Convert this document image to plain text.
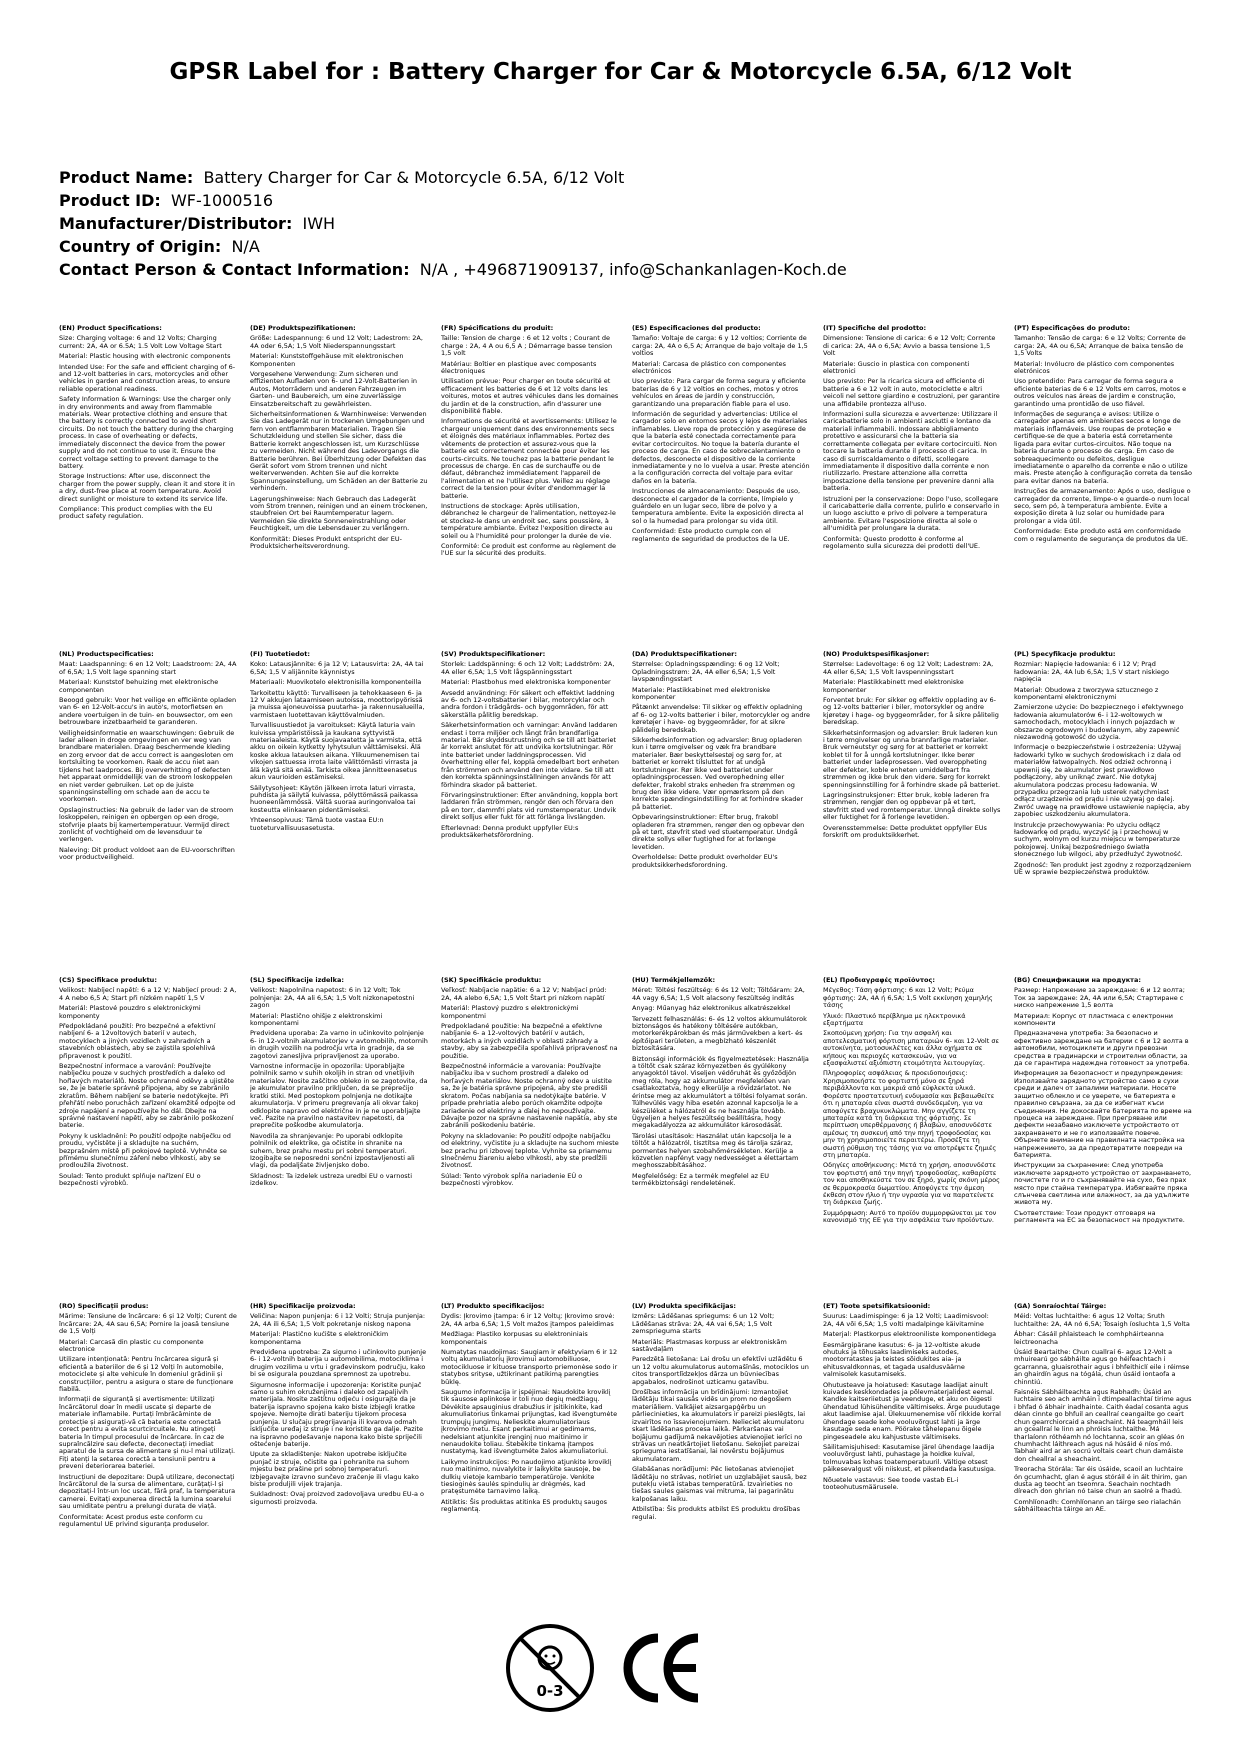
GPSR Label for : Battery Charger for Car & Motorcycle 6.5A, 6/12 Volt
Product Name: Battery Charger for Car & Motorcycle 6.5A, 6/12 Volt
Product ID: WF-1000516
Manufacturer/Distributor: IWH
Country of Origin: N/A
Contact Person & Contact Information: N/A , +496871909137, info@Schankanlagen-Koch.de

(EN) Product Specifications:

Size: Charging voltage: 6 and 12 Volts; Charging current: 2A, 4A or 6.5A; 1.5 Volt Low Voltage Start

Material: Plastic housing with electronic components

Intended Use: For the safe and efficient charging of 6- and 12-volt batteries in cars, motorcycles and other vehicles in garden and construction areas, to ensure reliable operational readiness.

Safety Information & Warnings: Use the charger only in dry environments and away from flammable materials. Wear protective clothing and ensure that the battery is correctly connected to avoid short circuits. Do not touch the battery during the charging process. In case of overheating or defects, immediately disconnect the device from the power supply and do not continue to use it. Ensure the correct voltage setting to prevent damage to the battery.

Storage Instructions: After use, disconnect the charger from the power supply, clean it and store it in a dry, dust-free place at room temperature. Avoid direct sunlight or moisture to extend its service life.

Compliance: This product complies with the EU product safety regulation.

(DE) Produktspezifikationen:

Größe: Ladespannung: 6 und 12 Volt; Ladestrom: 2A, 4A oder 6,5A; 1,5 Volt Niederspannungsstart

Material: Kunststoffgehäuse mit elektronischen Komponenten

Vorgesehene Verwendung: Zum sicheren und effizienten Aufladen von 6- und 12-Volt-Batterien in Autos, Motorrädern und anderen Fahrzeugen im Garten- und Baubereich, um eine zuverlässige Einsatzbereitschaft zu gewährleisten.

Sicherheitsinformationen & Warnhinweise: Verwenden Sie das Ladegerät nur in trockenen Umgebungen und fern von entflammbaren Materialien. Tragen Sie Schutzkleidung und stellen Sie sicher, dass die Batterie korrekt angeschlossen ist, um Kurzschlüsse zu vermeiden. Nicht während des Ladevorgangs die Batterie berühren. Bei Überhitzung oder Defekten das Gerät sofort vom Strom trennen und nicht weiterverwenden. Achten Sie auf die korrekte Spannungseinstellung, um Schäden an der Batterie zu verhindern.

Lagerungshinweise: Nach Gebrauch das Ladegerät vom Strom trennen, reinigen und an einem trockenen, staubfreien Ort bei Raumtemperatur lagern. Vermeiden Sie direkte Sonneneinstrahlung oder Feuchtigkeit, um die Lebensdauer zu verlängern.

Konformität: Dieses Produkt entspricht der EU-Produktsicherheitsverordnung.

(FR) Spécifications du produit:

Taille: Tension de charge : 6 et 12 volts ; Courant de charge : 2A, 4 A ou 6,5 A ; Démarrage basse tension 1,5 volt

Matériau: Boîtier en plastique avec composants électroniques

Utilisation prévue: Pour charger en toute sécurité et efficacement les batteries de 6 et 12 volts dans les voitures, motos et autres véhicules dans les domaines du jardin et de la construction, afin d'assurer une disponibilité fiable.

Informations de sécurité et avertissements: Utilisez le chargeur uniquement dans des environnements secs et éloignés des matériaux inflammables. Portez des vêtements de protection et assurez-vous que la batterie est correctement connectée pour éviter les courts-circuits. Ne touchez pas la batterie pendant le processus de charge. En cas de surchauffe ou de défaut, débranchez immédiatement l'appareil de l'alimentation et ne l'utilisez plus. Veillez au réglage correct de la tension pour éviter d'endommager la batterie.

Instructions de stockage: Après utilisation, débranchez le chargeur de l'alimentation, nettoyez-le et stockez-le dans un endroit sec, sans poussière, à température ambiante. Évitez l'exposition directe au soleil ou à l'humidité pour prolonger la durée de vie.

Conformité: Ce produit est conforme au règlement de l'UE sur la sécurité des produits.

(ES) Especificaciones del producto:

Tamaño: Voltaje de carga: 6 y 12 voltios; Corriente de carga: 2A, 4A o 6,5 A; Arranque de bajo voltaje de 1,5 voltios

Material: Carcasa de plástico con componentes electrónicos

Uso previsto: Para cargar de forma segura y eficiente baterías de 6 y 12 voltios en coches, motos y otros vehículos en áreas de jardín y construcción, garantizando una preparación fiable para el uso.

Información de seguridad y advertencias: Utilice el cargador solo en entornos secos y lejos de materiales inflamables. Lleve ropa de protección y asegúrese de que la batería esté conectada correctamente para evitar cortocircuitos. No toque la batería durante el proceso de carga. En caso de sobrecalentamiento o defectos, desconecte el dispositivo de la corriente inmediatamente y no lo vuelva a usar. Preste atención a la configuración correcta del voltaje para evitar daños en la batería.

Instrucciones de almacenamiento: Después de uso, desconecte el cargador de la corriente, límpielo y guárdelo en un lugar seco, libre de polvo y a temperatura ambiente. Evite la exposición directa al sol o la humedad para prolongar su vida útil.

Conformidad: Este producto cumple con el reglamento de seguridad de productos de la UE.

(IT) Specifiche del prodotto:

Dimensione: Tensione di carica: 6 e 12 Volt; Corrente di carica: 2A, 4A o 6,5A; Avvio a bassa tensione 1,5 Volt

Materiale: Guscio in plastica con componenti elettronici

Uso previsto: Per la ricarica sicura ed efficiente di batterie a 6 e 12 volt in auto, motociclette e altri veicoli nel settore giardino e costruzioni, per garantire una affidabile prontezza all'uso.

Informazioni sulla sicurezza e avvertenze: Utilizzare il caricabatterie solo in ambienti asciutti e lontano da materiali infiammabili. Indossare abbigliamento protettivo e assicurarsi che la batteria sia correttamente collegata per evitare cortocircuiti. Non toccare la batteria durante il processo di carica. In caso di surriscaldamento o difetti, scollegare immediatamente il dispositivo dalla corrente e non riutilizzarlo. Prestare attenzione alla corretta impostazione della tensione per prevenire danni alla batteria.

Istruzioni per la conservazione: Dopo l'uso, scollegare il caricabatterie dalla corrente, pulirlo e conservarlo in un luogo asciutto e privo di polvere a temperatura ambiente. Evitare l'esposizione diretta al sole o all'umidità per prolungare la durata.

Conformità: Questo prodotto è conforme al regolamento sulla sicurezza dei prodotti dell'UE.

(PT) Especificações do produto:

Tamanho: Tensão de carga: 6 e 12 Volts; Corrente de carga: 2A, 4A ou 6,5A; Arranque de baixa tensão de 1,5 Volts

Material: Invólucro de plástico com componentes eletrónicos

Uso pretendido: Para carregar de forma segura e eficiente baterias de 6 e 12 Volts em carros, motos e outros veículos nas áreas de jardim e construção, garantindo uma prontidão de uso fiável.

Informações de segurança e avisos: Utilize o carregador apenas em ambientes secos e longe de materiais inflamáveis. Use roupas de proteção e certifique-se de que a bateria está corretamente ligada para evitar curtos-circuitos. Não toque na bateria durante o processo de carga. Em caso de sobreaquecimento ou defeitos, desligue imediatamente o aparelho da corrente e não o utilize mais. Preste atenção à configuração correta da tensão para evitar danos na bateria.

Instruções de armazenamento: Após o uso, desligue o carregador da corrente, limpe-o e guarde-o num local seco, sem pó, à temperatura ambiente. Evite a exposição direta à luz solar ou humidade para prolongar a vida útil.

Conformidade: Este produto está em conformidade com o regulamento de segurança de produtos da UE.

(NL) Productspecificaties:

Maat: Laadspanning: 6 en 12 Volt; Laadstroom: 2A, 4A of 6,5A; 1,5 Volt lage spanning start

Materiaal: Kunststof behuizing met elektronische componenten

Beoogd gebruik: Voor het veilige en efficiënte opladen van 6- en 12-Volt-accu's in auto's, motorfietsen en andere voertuigen in de tuin- en bouwsector, om een betrouwbare inzetbaarheid te garanderen.

Veiligheidsinformatie en waarschuwingen: Gebruik de lader alleen in droge omgevingen en ver weg van brandbare materialen. Draag beschermende kleding en zorg ervoor dat de accu correct is aangesloten om kortsluiting te voorkomen. Raak de accu niet aan tijdens het laadproces. Bij oververhitting of defecten het apparaat onmiddellijk van de stroom loskoppelen en niet verder gebruiken. Let op de juiste spanningsinstelling om schade aan de accu te voorkomen.

Opslaginstructies: Na gebruik de lader van de stroom loskoppelen, reinigen en opbergen op een droge, stofvrije plaats bij kamertemperatuur. Vermijd direct zonlicht of vochtigheid om de levensduur te verlengen.

Naleving: Dit product voldoet aan de EU-voorschriften voor productveiligheid.

(FI) Tuotetiedot:

Koko: Latausjännite: 6 ja 12 V; Latausvirta: 2A, 4A tai 6,5A; 1,5 V alijännite käynnistys

Materiaali: Muovikotelo elektronisilla komponenteilla

Tarkoitettu käyttö: Turvalliseen ja tehokkaaseen 6- ja 12 V akkujen lataamiseen autoissa, moottoripyörissä ja muissa ajoneuvoissa puutarha- ja rakennusalueilla, varmistaen luotettavan käyttövalmiuden.

Turvallisuustiedot ja varoitukset: Käytä laturia vain kuivissa ympäristöissä ja kaukana syttyvistä materiaaleista. Käytä suojavaatetta ja varmista, että akku on oikein kytketty lyhytsulun välttämiseksi. Älä koske akkua latauksen aikana. Ylikuumenemisen tai vikojen sattuessa irrota laite välittömästi virrasta ja älä käytä sitä enää. Tarkista oikea jännitteenasetus akun vaurioiden estämiseksi.

Säilytysohjeet: Käytön jälkeen irrota laturi virrasta, puhdista ja säilytä kuivassa, pölyttömässä paikassa huoneenlämmössä. Vältä suoraa auringonvaloa tai kosteutta elinkaaren pidentämiseksi.

Yhteensopivuus: Tämä tuote vastaa EU:n tuoteturvallisuusasetusta.

(SV) Produktspecifikationer:

Storlek: Laddspänning: 6 och 12 Volt; Laddström: 2A, 4A eller 6,5A; 1,5 Volt lågspänningsstart

Material: Plastbohus med elektroniska komponenter

Avsedd användning: För säkert och effektivt laddning av 6- och 12-voltsbatterier i bilar, motorcyklar och andra fordon i trädgårds- och byggområden, för att säkerställa pålitlig beredskap.

Säkerhetsinformation och varningar: Använd laddaren endast i torra miljöer och långt från brandfarliga material. Bär skyddsutrustning och se till att batteriet är korrekt anslutet för att undvika kortslutningar. Rör inte batteriet under laddningsprocessen. Vid överhettning eller fel, koppla omedelbart bort enheten från strömmen och använd den inte vidare. Se till att den korrekta spänningsinställningen används för att förhindra skador på batteriet.

Förvaringsinstruktioner: Efter användning, koppla bort laddaren från strömmen, rengör den och förvara den på en torr, dammfri plats vid rumstemperatur. Undvik direkt solljus eller fukt för att förlänga livslängden.

Efterlevnad: Denna produkt uppfyller EU:s produktsäkerhetsförordning.

(DA) Produktspecifikationer:

Størrelse: Opladningsspænding: 6 og 12 Volt; Opladningsstrøm: 2A, 4A eller 6,5A; 1,5 Volt lavspændingsstart

Materiale: Plastikkabinet med elektroniske komponenter

Påtænkt anvendelse: Til sikker og effektiv opladning af 6- og 12-volts batterier i biler, motorcykler og andre køretøjer i have- og byggeområder, for at sikre pålidelig beredskab.

Sikkerhedsinformation og advarsler: Brug opladeren kun i tørre omgivelser og væk fra brandbare materialer. Bær beskyttelsestøj og sørg for, at batteriet er korrekt tilsluttet for at undgå kortslutninger. Rør ikke ved batteriet under opladningsprocessen. Ved overophedning eller defekter, frakobl straks enheden fra strømmen og brug den ikke videre. Vær opmærksom på den korrekte spændingsindstilling for at forhindre skader på batteriet.

Opbevaringsinstruktioner: Efter brug, frakobl opladeren fra strømmen, rengør den og opbevar den på et tørt, støvfrit sted ved stuetemperatur. Undgå direkte sollys eller fugtighed for at forlænge levetiden.

Overholdelse: Dette produkt overholder EU's produktsikkerhedsforordning.

(NO) Produktspesifikasjoner:

Størrelse: Ladevoltage: 6 og 12 Volt; Ladestrøm: 2A, 4A eller 6,5A; 1,5 Volt lavspenningsstart

Materiale: Plastikkabinett med elektroniske komponenter

Forventet bruk: For sikker og effektiv opplading av 6- og 12-volts batterier i biler, motorsykler og andre kjøretøy i hage- og byggeområder, for å sikre pålitelig beredskap.

Sikkerhetsinformasjon og advarsler: Bruk laderen kun i tørre omgivelser og unna brannfarlige materialer. Bruk verneutstyr og sørg for at batteriet er korrekt koblet til for å unngå kortslutninger. Ikke berør batteriet under ladeprosessen. Ved overoppheting eller defekter, koble enheten umiddelbart fra strømmen og ikke bruk den videre. Sørg for korrekt spenningsinnstilling for å forhindre skade på batteriet.

Lagringsinstruksjoner: Etter bruk, koble laderen fra strømmen, rengjør den og oppbevar på et tørt, støvfritt sted ved romtemperatur. Unngå direkte sollys eller fuktighet for å forlenge levetiden.

Overensstemmelse: Dette produktet oppfyller EUs forskrift om produktsikkerhet.

(PL) Specyfikacje produktu:

Rozmiar: Napięcie ładowania: 6 i 12 V; Prąd ładowania: 2A, 4A lub 6,5A; 1,5 V start niskiego napięcia

Materiał: Obudowa z tworzywa sztucznego z komponentami elektronicznymi

Zamierzone użycie: Do bezpiecznego i efektywnego ładowania akumulatorów 6- i 12-woltowych w samochodach, motocyklach i innych pojazdach w obszarze ogrodowym i budowlanym, aby zapewnić niezawodną gotowość do użycia.

Informacje o bezpieczeństwie i ostrzeżenia: Używaj ładowarki tylko w suchych środowiskach i z dala od materiałów łatwopalnych. Noś odzież ochronną i upewnij się, że akumulator jest prawidłowo podłączony, aby uniknąć zwarć. Nie dotykaj akumulatora podczas procesu ładowania. W przypadku przegrzania lub usterek natychmiast odłącz urządzenie od prądu i nie używaj go dalej. Zwróć uwagę na prawidłowe ustawienie napięcia, aby zapobiec uszkodzeniu akumulatora.

Instrukcje przechowywania: Po użyciu odłącz ładowarkę od prądu, wyczyść ją i przechowuj w suchym, wolnym od kurzu miejscu w temperaturze pokojowej. Unikaj bezpośredniego światła słonecznego lub wilgoci, aby przedłużyć żywotność.

Zgodność: Ten produkt jest zgodny z rozporządzeniem UE w sprawie bezpieczeństwa produktów.

(CS) Specifikace produktu:

Velikost: Nabíjecí napětí: 6 a 12 V; Nabíjecí proud: 2 A, 4 A nebo 6,5 A; Start při nízkém napětí 1,5 V

Materiál: Plastové pouzdro s elektronickými komponenty

Předpokládané použití: Pro bezpečné a efektivní nabíjení 6- a 12voltových baterií v autech, motocyklech a jiných vozidlech v zahradních a stavebních oblastech, aby se zajistila spolehlivá připravenost k použití.

Bezpečnostní informace a varování: Používejte nabíječku pouze v suchých prostředích a daleko od hořlavých materiálů. Noste ochranné oděvy a ujistěte se, že je baterie správně připojena, aby se zabránilo zkratům. Během nabíjení se baterie nedotýkejte. Při přehřátí nebo poruchách zařízení okamžitě odpojte od zdroje napájení a nepoužívejte ho dál. Dbejte na správné nastavení napětí, aby se zabránilo poškození baterie.

Pokyny k uskladnění: Po použití odpojte nabíječku od proudu, vyčistěte ji a skladujte na suchém, bezprašném místě při pokojové teplotě. Vyhněte se přímému slunečnímu záření nebo vlhkosti, aby se prodloužila životnost.

Soulad: Tento produkt splňuje nařízení EU o bezpečnosti výrobků.

(SL) Specifikacije izdelka:

Velikost: Napolnilna napetost: 6 in 12 Volt; Tok polnjenja: 2A, 4A ali 6,5A; 1,5 Volt nizkonapetostni zagon

Material: Plastično ohišje z elektronskimi komponentami

Predvidena uporaba: Za varno in učinkovito polnjenje 6- in 12-voltnih akumulatorjev v avtomobilih, motornih in drugih vozilih na področju vrta in gradnje, da se zagotovi zanesljiva pripravljenost za uporabo.

Varnostne informacije in opozorila: Uporabljajte polnilnik samo v suhih okoljih in stran od vnetljivih materialov. Nosite zaščitno obleko in se zagotovite, da je akumulator pravilno priključen, da se preprečijo kratki stiki. Med postopkom polnjenja ne dotikajte akumulatorja. V primeru pregrevanja ali okvar takoj odklopite napravo od električne in je ne uporabljajte več. Pazite na pravilno nastavitev napetosti, da preprečite poškodbe akumulatorja.

Navodila za shranjevanje: Po uporabi odklopite polnilnik od elektrike, ga očistite in shranite na suhem, brez prahu mestu pri sobni temperaturi. Izogibajte se neposredni sončni izpostavljenosti ali vlagi, da podaljšate življenjsko dobo.

Skladnost: Ta izdelek ustreza uredbi EU o varnosti izdelkov.

(SK) Špecifikácie produktu:

Veľkosť: Nabíjacie napätie: 6 a 12 V; Nabíjací prúd: 2A, 4A alebo 6,5A; 1,5 Volt Štart pri nízkom napätí

Materiál: Plastový puzdro s elektronickými komponentmi

Predpokladané použitie: Na bezpečné a efektívne nabíjanie 6- a 12-voltových batérií v autách, motorkách a iných vozidlách v oblasti záhrady a stavby, aby sa zabezpečila spoľahlivá pripravenosť na použitie.

Bezpečnostné informácie a varovania: Používajte nabíjačku iba v suchom prostredí a ďaleko od horľavých materiálov. Noste ochranný odev a uistite sa, že je batéria správne pripojená, aby ste predišli skratom. Počas nabíjania sa nedotýkajte batérie. V prípade prehriatia alebo porúch okamžite odpojte zariadenie od elektriny a ďalej ho nepoužívajte. Dávajte pozor na správne nastavenie napätia, aby ste zabránili poškodeniu batérie.

Pokyny na skladovanie: Po použití odpojte nabíjačku od elektriny, vyčistite ju a skladujte na suchom mieste bez prachu pri izbovej teplote. Vyhnite sa priamemu slnečnému žiareniu alebo vlhkosti, aby ste predĺžili životnosť.

Súlad: Tento výrobok spĺňa nariadenie EÚ o bezpečnosti výrobkov.

(HU) Termékjellemzők:

Méret: Töltési feszültség: 6 és 12 Volt; Töltőáram: 2A, 4A vagy 6,5A; 1,5 Volt alacsony feszültség indítás

Anyag: Műanyag ház elektronikus alkatrészekkel

Tervezett felhasználás: 6- és 12 voltos akkumulátorok biztonságos és hatékony töltésére autókban, motorkerékpárokban és más járművekben a kert- és építőipari területen, a megbízható készenlét biztosítására.

Biztonsági információk és figyelmeztetések: Használja a töltőt csak száraz környezetben és gyúlékony anyagoktól távol. Viseljen védőruhát és győződjön meg róla, hogy az akkumulátor megfelelően van csatlakoztatva, hogy elkerülje a rövidzárlatot. Ne érintse meg az akkumulátort a töltési folyamat során. Túlhevülés vagy hiba esetén azonnal kapcsolja le a készüléket a hálózatról és ne használja tovább. Ügyeljen a helyes feszültség beállításra, hogy megakadályozza az akkumulátor károsodását.

Tárolási utasítások: Használat után kapcsolja le a töltőt a hálózatról, tisztítsa meg és tárolja száraz, pormentes helyen szobahőmérsékleten. Kerülje a közvetlen napfényt vagy nedvességet a élettartam meghosszabbításához.

Megfelelőség: Ez a termék megfelel az EU termékbiztonsági rendeletének.

(EL) Προδιαγραφές προϊόντος:

Μέγεθος: Τάση φόρτισης: 6 και 12 Volt; Ρεύμα φόρτισης: 2A, 4A ή 6,5A; 1,5 Volt εκκίνηση χαμηλής τάσης

Υλικό: Πλαστικό περίβλημα με ηλεκτρονικά εξαρτήματα

Σκοπούμενη χρήση: Για την ασφαλή και αποτελεσματική φόρτιση μπαταριών 6- και 12-Volt σε αυτοκίνητα, μοτοσυκλέτες και άλλα οχήματα σε κήπους και περιοχές κατασκευών, για να εξασφαλιστεί αξιόπιστη ετοιμότητα λειτουργίας.

Πληροφορίες ασφάλειας & προειδοποιήσεις: Χρησιμοποιήστε το φορτιστή μόνο σε ξηρά περιβάλλοντα και μακριά από εύφλεκτα υλικά. Φορέστε προστατευτική ενδυμασία και βεβαιωθείτε ότι η μπαταρία είναι σωστά συνδεδεμένη, για να αποφύγετε βραχυκυκλώματα. Μην αγγίζετε τη μπαταρία κατά τη διάρκεια της φόρτισης. Σε περίπτωση υπερθέρμανσης ή βλαβών, αποσυνδέστε αμέσως τη συσκευή από την πηγή τροφοδοσίας και μην τη χρησιμοποιείτε περαιτέρω. Προσέξτε τη σωστή ρύθμιση της τάσης για να αποτρέψετε ζημιές στη μπαταρία.

Οδηγίες αποθήκευσης: Μετά τη χρήση, αποσυνδέστε τον φορτιστή από την πηγή τροφοδοσίας, καθαρίστε τον και αποθηκεύστε τον σε ξηρό, χωρίς σκόνη μέρος σε θερμοκρασία δωματίου. Αποφύγετε την άμεση έκθεση στον ήλιο ή την υγρασία για να παρατείνετε τη διάρκεια ζωής.

Συμμόρφωση: Αυτό το προϊόν συμμορφώνεται με τον κανονισμό της ΕΕ για την ασφάλεια των προϊόντων.

(BG) Спецификации на продукта:

Размер: Напрежение за зареждане: 6 и 12 волта; Ток за зареждане: 2A, 4A или 6,5A; Стартиране с ниско напрежение 1,5 волта

Материал: Корпус от пластмаса с електронни компоненти

Предназначена употреба: За безопасно и ефективно зареждане на батерии с 6 и 12 волта в автомобили, мотоциклети и други превозни средства в градинарски и строителни области, за да се гарантира надеждна готовност за употреба.

Информация за безопасност и предупреждения: Използвайте зарядното устройство само в сухи среди и далеч от запалими материали. Носете защитно облекло и се уверете, че батерията е правилно свързана, за да се избегнат къси съединения. Не докосвайте батерията по време на процеса на зареждане. При прегряване или дефекти незабавно изключете устройството от захранването и не го използвайте повече. Обърнете внимание на правилната настройка на напрежението, за да предотвратите повреди на батерията.

Инструкции за съхранение: След употреба изключете зарядното устройство от захранването, почистете го и го съхранявайте на сухо, без прах място при стайна температура. Избягвайте пряка слънчева светлина или влажност, за да удължите живота му.

Съответствие: Този продукт отговаря на регламента на ЕС за безопасност на продуктите.

(RO) Specificații produs:

Mărime: Tensiune de încărcare: 6 și 12 Volți; Curent de încărcare: 2A, 4A sau 6,5A; Pornire la joasă tensiune de 1,5 Volți

Material: Carcasă din plastic cu componente electronice

Utilizare intenționată: Pentru încărcarea sigură și eficientă a bateriilor de 6 și 12 Volți în automobile, motociclete și alte vehicule în domeniul grădinii și construcțiilor, pentru a asigura o stare de funcționare fiabilă.

Informații de siguranță și avertismente: Utilizați încărcătorul doar în medii uscate și departe de materiale inflamabile. Purtați îmbrăcăminte de protecție și asigurați-vă că bateria este conectată corect pentru a evita scurtcircuitele. Nu atingeți bateria în timpul procesului de încărcare. În caz de supraîncălzire sau defecte, deconectați imediat aparatul de la sursa de alimentare și nu-l mai utilizați. Fiți atenți la setarea corectă a tensiunii pentru a preveni deteriorarea bateriei.

Instrucțiuni de depozitare: După utilizare, deconectați încărcătorul de la sursa de alimentare, curățați-l și depozitați-l într-un loc uscat, fără praf, la temperatura camerei. Evitați expunerea directă la lumina soarelui sau umiditate pentru a prelungi durata de viață.

Conformitate: Acest produs este conform cu regulamentul UE privind siguranța produselor.

(HR) Specifikacije proizvoda:

Veličina: Napon punjenja: 6 i 12 Volti; Struja punjenja: 2A, 4A ili 6,5A; 1,5 Volt pokretanje niskog napona

Materijal: Plastično kućište s elektroničkim komponentama

Predviđena upotreba: Za sigurno i učinkovito punjenje 6- i 12-voltnih baterija u automobilima, motociklima i drugim vozilima u vrtu i građevinskom području, kako bi se osigurala pouzdana spremnost za upotrebu.

Sigurnosne informacije i upozorenja: Koristite punjač samo u suhim okruženjima i daleko od zapaljivih materijala. Nosite zaštitnu odjeću i osigurajte da je baterija ispravno spojena kako biste izbjegli kratke spojeve. Nemojte dirati bateriju tijekom procesa punjenja. U slučaju pregrijavanja ili kvarova odmah isključite uređaj iz struje i ne koristite ga dalje. Pazite na ispravno podešavanje napona kako biste spriječili oštećenje baterije.

Upute za skladištenje: Nakon upotrebe isključite punjač iz struje, očistite ga i pohranite na suhom mjestu bez prašine pri sobnoj temperaturi. Izbjegavajte izravno sunčevo zračenje ili vlagu kako biste produljili vijek trajanja.

Sukladnost: Ovaj proizvod zadovoljava uredbu EU-a o sigurnosti proizvoda.

(LT) Produkto specifikacijos:

Dydis: Įkrovimo įtampa: 6 ir 12 Voltų; Įkrovimo srovė: 2A, 4A arba 6,5A; 1,5 Volt mažos įtampos paleidimas

Medžiaga: Plastiko korpusas su elektroniniais komponentais

Numatytas naudojimas: Saugiam ir efektyviam 6 ir 12 voltų akumuliatorių įkrovimui automobiliuose, motocikluose ir kituose transporto priemonėse sodo ir statybos srityse, užtikrinant patikimą parengties būklę.

Saugumo informacija ir įspėjimai: Naudokite kroviklį tik sausose aplinkose ir toli nuo degių medžiagų. Dėvėkite apsauginius drabužius ir įsitikinkite, kad akumuliatorius tinkamai prijungtas, kad išvengtumėte trumpųjų jungimų. Nelieskite akumuliatoriaus įkrovimo metu. Esant perkaitimui ar gedimams, nedelsiant atjunkite įrenginį nuo maitinimo ir nenaudokite toliau. Stebėkite tinkamą įtampos nustatymą, kad išvengtumėte žalos akumuliatoriui.

Laikymo instrukcijos: Po naudojimo atjunkite kroviklį nuo maitinimo, nuvalykite ir laikykite sausoje, be dulkių vietoje kambario temperatūroje. Venkite tiesioginės saulės spindulių ar drėgmės, kad pratęstumėte tarnavimo laiką.

Atitiktis: Šis produktas atitinka ES produktų saugos reglamentą.

(LV) Produkta specifikācijas:

Izmērs: Lādēšanas spriegums: 6 un 12 Volt; Lādēšanas strāva: 2A, 4A vai 6,5A; 1,5 Volt zemsprieguma starts

Materiāls: Plastmasas korpuss ar elektroniskām sastāvdaļām

Paredzētā lietošana: Lai drošu un efektīvi uzlādētu 6 un 12 voltu akumulatorus automašīnās, motociklos un citos transportlīdzekļos dārza un būvniecības apgabalos, nodrošinot uzticamu gatavību.

Drošības informācija un brīdinājumi: Izmantojiet lādētāju tikai sausās vidēs un prom no degošiem materiāliem. Valkājiet aizsargapģērbu un pārliecinieties, ka akumulators ir pareizi pieslēgts, lai izvairītos no īssavienojumiem. Nelieciet akumulatoru skart lādēšanas procesa laikā. Pārkaršanas vai bojājumu gadījumā nekavējoties atvienojiet ierīci no strāvas un neatkārtojiet lietošanu. Sekojiet pareizai sprieguma iestatīšanai, lai novērstu bojājumus akumulatoram.

Glabāšanas norādījumi: Pēc lietošanas atvienojiet lādētāju no strāvas, notīriet un uzglabājiet sausā, bez putekļu vietā istabas temperatūrā. Izvairieties no tiešas saules gaismas vai mitruma, lai pagarinātu kalpošanas laiku.

Atbilstība: Šis produkts atbilst ES produktu drošības regulai.

(ET) Toote spetsifikatsioonid:

Suurus: Laadimispinge: 6 ja 12 Volti; Laadimisvool: 2A, 4A või 6,5A; 1,5 volti madalpinge käivitamine

Materjal: Plastkorpus elektrooniliste komponentidega

Eesmärgipärane kasutus: 6- ja 12-voltiste akude ohutuks ja tõhusaks laadimiseks autodes, mootorratastes ja teistes sõidukites aia- ja ehitusvaldkonnas, et tagada usaldusväärne valmisolek kasutamiseks.

Ohutusteave ja hoiatused: Kasutage laadijat ainult kuivades keskkondades ja põlevmaterjalidest eemal. Kandke kaitseriietust ja veenduge, et aku on õigesti ühendatud lühisühendite vältimiseks. Ärge puudutage akut laadimise ajal. Ülekuumenemise või rikkide korral ühendage seade kohe vooluvõrgust lahti ja ärge kasutage seda enam. Pöörake tähelepanu õigele pingeseadele aku kahjustuste vältimiseks.

Säilitamisjuhised: Kasutamise järel ühendage laadija vooluvõrgust lahti, puhastage ja hoidke kuival, tolmuvabas kohas toatemperatuuril. Vältige otsest päikesevalgust või niiskust, et pikendada kasutusiga.

Nõuetele vastavus: See toode vastab EL-i tooteohutusmäärusele.

(GA) Sonraíochtaí Táirge:

Méid: Voltas luchtaithe: 6 agus 12 Volta; Sruth luchtaithe: 2A, 4A nó 6,5A; Tosaigh íosluchta 1,5 Volta

Ábhar: Cásáil phlaisteach le comhpháirteanna leictreonacha

Úsáid Beartaithe: Chun cuallraí 6- agus 12-Volt a mhuirearú go sábháilte agus go héifeachtach i gcarranna, gluaisrothair agus i bhfeithiclí eile i réimse an ghairdín agus na tógála, chun úsáid iontaofa a chinntiú.

Faisnéis Sábháilteachta agus Rabhadh: Úsáid an luchtaire seo ach amháin i dtimpeallachtaí tirime agus i bhfad ó ábhair inadhainte. Caith éadaí cosanta agus déan cinnte go bhfuil an ceallraí ceangailte go ceart chun gearrchiorcaid a sheachaint. Ná teagmháil leis an gceallraí le linn an phróisis luchtaithe. Má tharlaíonn róthéamh nó lochtanna, scoir an gléas ón chumhacht láithreach agus ná húsáid é níos mó. Tabhair aird ar an socrú voltais ceart chun damáiste don cheallraí a sheachaint.

Treoracha Stórála: Tar éis úsáide, scaoil an luchtaire ón gcumhacht, glan é agus stóráil é in áit thirim, gan dusta ag teocht an tseomra. Seachain nochtadh díreach don ghrian nó taise chun an saolré a fhadú.

Comhlíonadh: Comhlíonann an táirge seo rialachán sábháilteachta táirge an AE.

0-3
